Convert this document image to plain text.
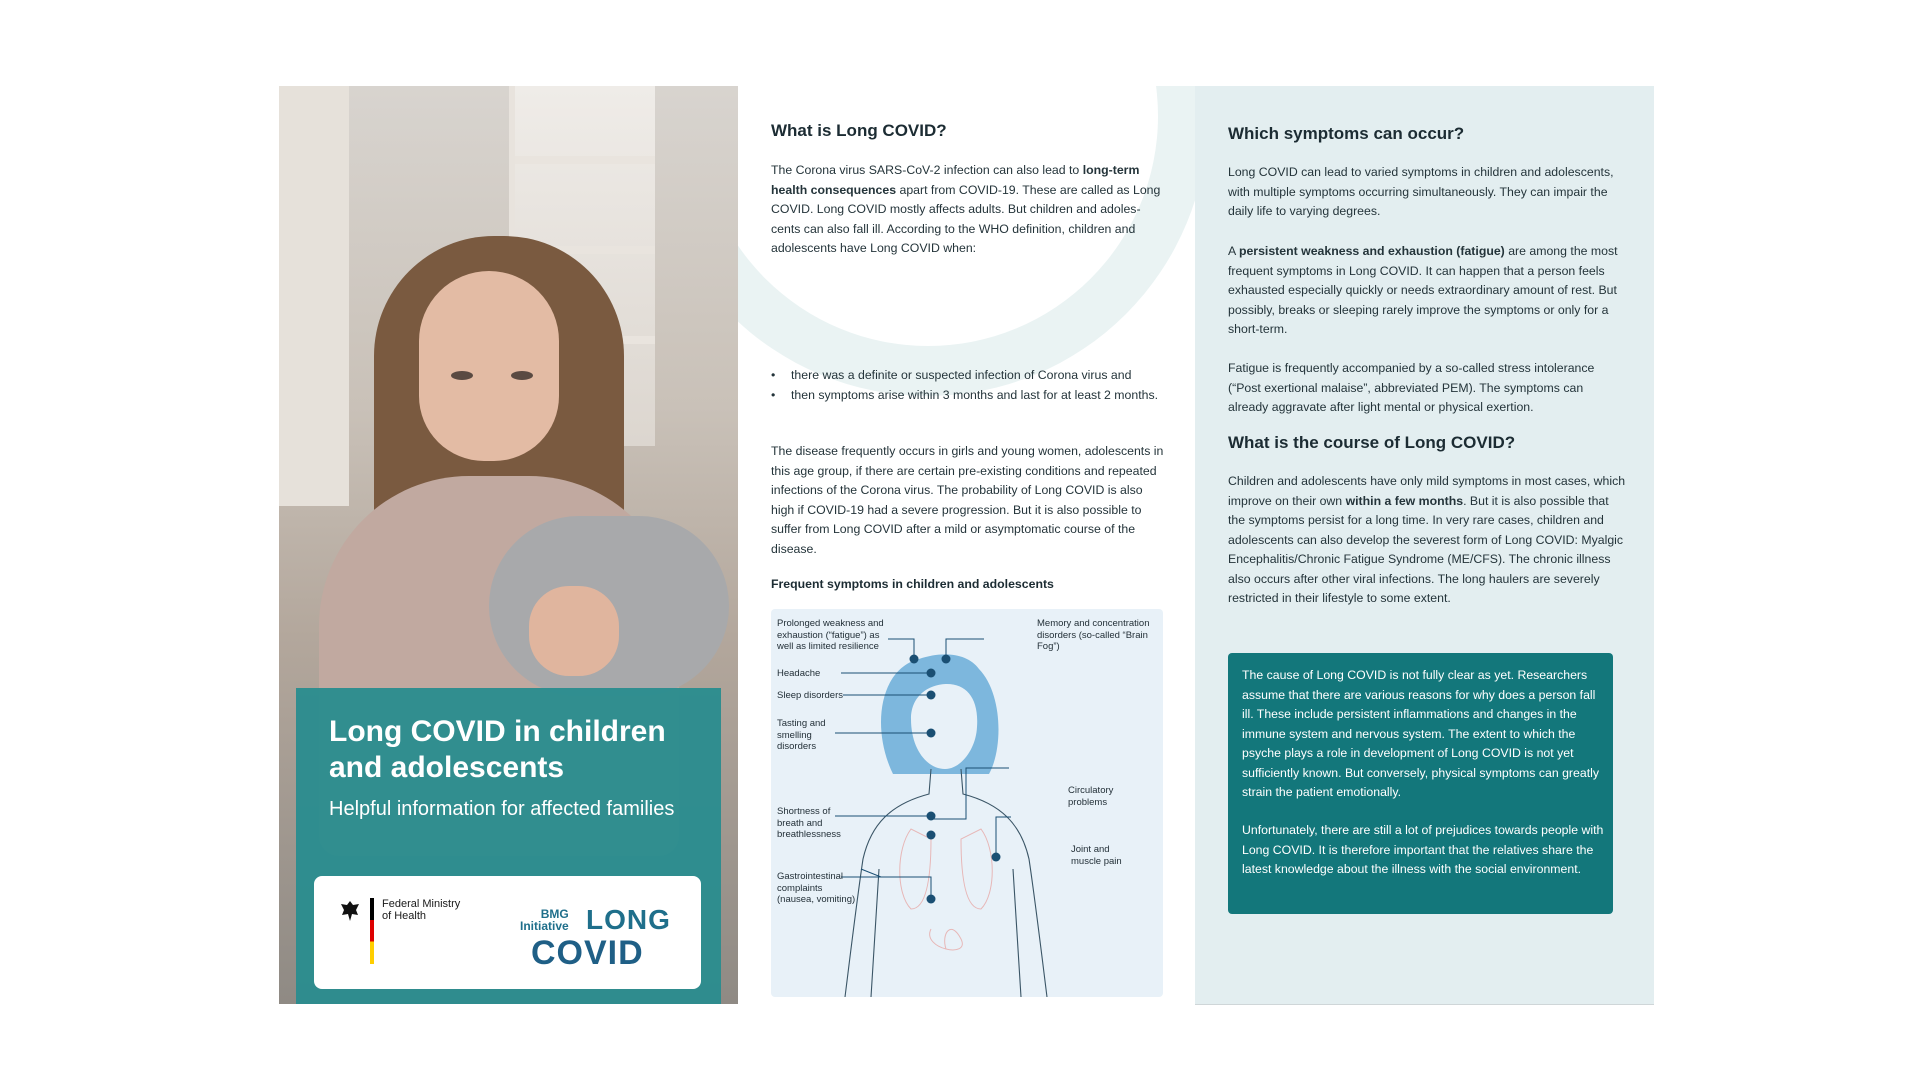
Long COVID in children and adolescents

Helpful information for affected families

Federal Ministry of Health	BMG
Initiative LONG

COVID

What is Long COVID?

The Corona virus SARS-CoV-2 infection can also lead to long-term health consequences apart from COVID-19. These are called as Long COVID. Long COVID mostly affects adults. But children and adoles-cents can also fall ill. According to the WHO definition, children and adolescents have Long COVID when:

• there was a definite or suspected infection of Corona virus and
• then symptoms arise within 3 months and last for at least 2 months.

The disease frequently occurs in girls and young women, adolescents in this age group, if there are certain pre-existing conditions and repeated infections of the Corona virus. The probability of Long COVID is also high if COVID-19 had a severe progression. But it is also possible to suffer from Long COVID after a mild or asymptomatic course of the disease.

Frequent symptoms in children and adolescents

Prolonged weakness and exhaustion (“fatigue”) as well as limited resilience

Memory and concentration disorders (so-called “Brain Fog”)

Headache

Sleep disorders

Tasting and smelling disorders

Circulatory problems

Shortness of breath and breathlessness

Joint and muscle pain

Gastrointestinal complaints (nausea, vomiting)

Which symptoms can occur?

Long COVID can lead to varied symptoms in children and adolescents, with multiple symptoms occurring simultaneously. They can impair the daily life to varying degrees.

A persistent weakness and exhaustion (fatigue) are among the most frequent symptoms in Long COVID. It can happen that a person feels exhausted especially quickly or needs extraordinary amount of rest. But possibly, breaks or sleeping rarely improve the symptoms or only for a short-term.

Fatigue is frequently accompanied by a so-called stress intolerance (“Post exertional malaise”, abbreviated PEM). The symptoms can already aggravate after light mental or physical exertion.

What is the course of Long COVID?

Children and adolescents have only mild symptoms in most cases, which improve on their own within a few months. But it is also possible that the symptoms persist for a long time. In very rare cases, children and adolescents can also develop the severest form of Long COVID: Myalgic Encephalitis/Chronic Fatigue Syndrome (ME/CFS). The chronic illness also occurs after other viral infections. The long haulers are severely restricted in their lifestyle to some extent.

The cause of Long COVID is not fully clear as yet. Researchers assume that there are various reasons for why does a person fall ill. These include persistent inflammations and changes in the immune system and nervous system. The extent to which the psyche plays a role in development of Long COVID is not yet sufficiently known. But conversely, physical symptoms can greatly strain the patient emotionally.

Unfortunately, there are still a lot of prejudices towards people with Long COVID. It is therefore important that the relatives share the latest knowledge about the illness with the social environment.
